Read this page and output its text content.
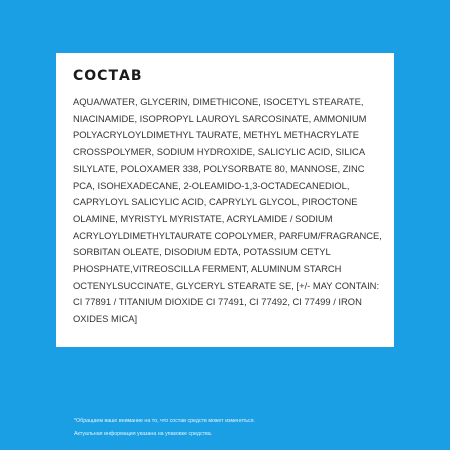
СОСТАВ

AQUA/WATER, GLYCERIN, DIMETHICONE, ISOCETYL STEARATE, NIACINAMIDE, ISOPROPYL LAUROYL SARCOSINATE, AMMONIUM POLYACRYLOYLDIMETHYL TAURATE, METHYL METHACRYLATE CROSSPOLYMER, SODIUM HYDROXIDE, SALICYLIC ACID, SILICA SILYLATE, POLOXAMER 338, POLYSORBATE 80, MANNOSE, ZINC PCA, ISOHEXADECANE, 2-OLEAMIDO-1,3-OCTADECANEDIOL, CAPRYLOYL SALICYLIC ACID, CAPRYLYL GLYCOL, PIROCTONE OLAMINE, MYRISTYL MYRISTATE, ACRYLAMIDE / SODIUM ACRYLOYLDIMETHYLTAURATE COPOLYMER, PARFUM/FRAGRANCE, SORBITAN OLEATE, DISODIUM EDTA, POTASSIUM CETYL PHOSPHATE,VITREOSCILLA FERMENT, ALUMINUM STARCH OCTENYLSUCCINATE, GLYCERYL STEARATE SE, [+/- MAY CONTAIN: CI 77891 / TITANIUM DIOXIDE CI 77491, CI 77492, CI 77499 / IRON OXIDES MICA]

*Обращаем ваше внимание на то, что состав средств может изменяться.
Актуальная информация указана на упаковке средства.
